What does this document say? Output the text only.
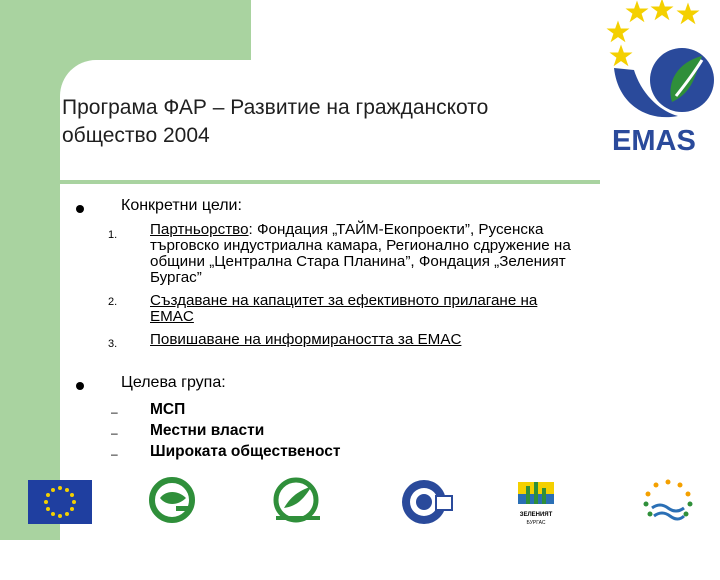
Програма ФАР – Развитие на гражданското
общество 2004	EMAS
Конкретни цели:
1. Партньорство: Фондация „ТАЙМ-Екопроекти”, Русенска
търговско индустриална камара, Регионално сдружение на
общини „Централна Стара Планина”, Фондация „Зеленият
Бургас”
2. Създаване на капацитет за ефективното прилагане на
EMAC
3. Повишаване на информираността за EMAC
Целева група:
– МСП
– Местни власти
– Широката общественост
ЗЕЛЕНИЯТ
БУРГАС
